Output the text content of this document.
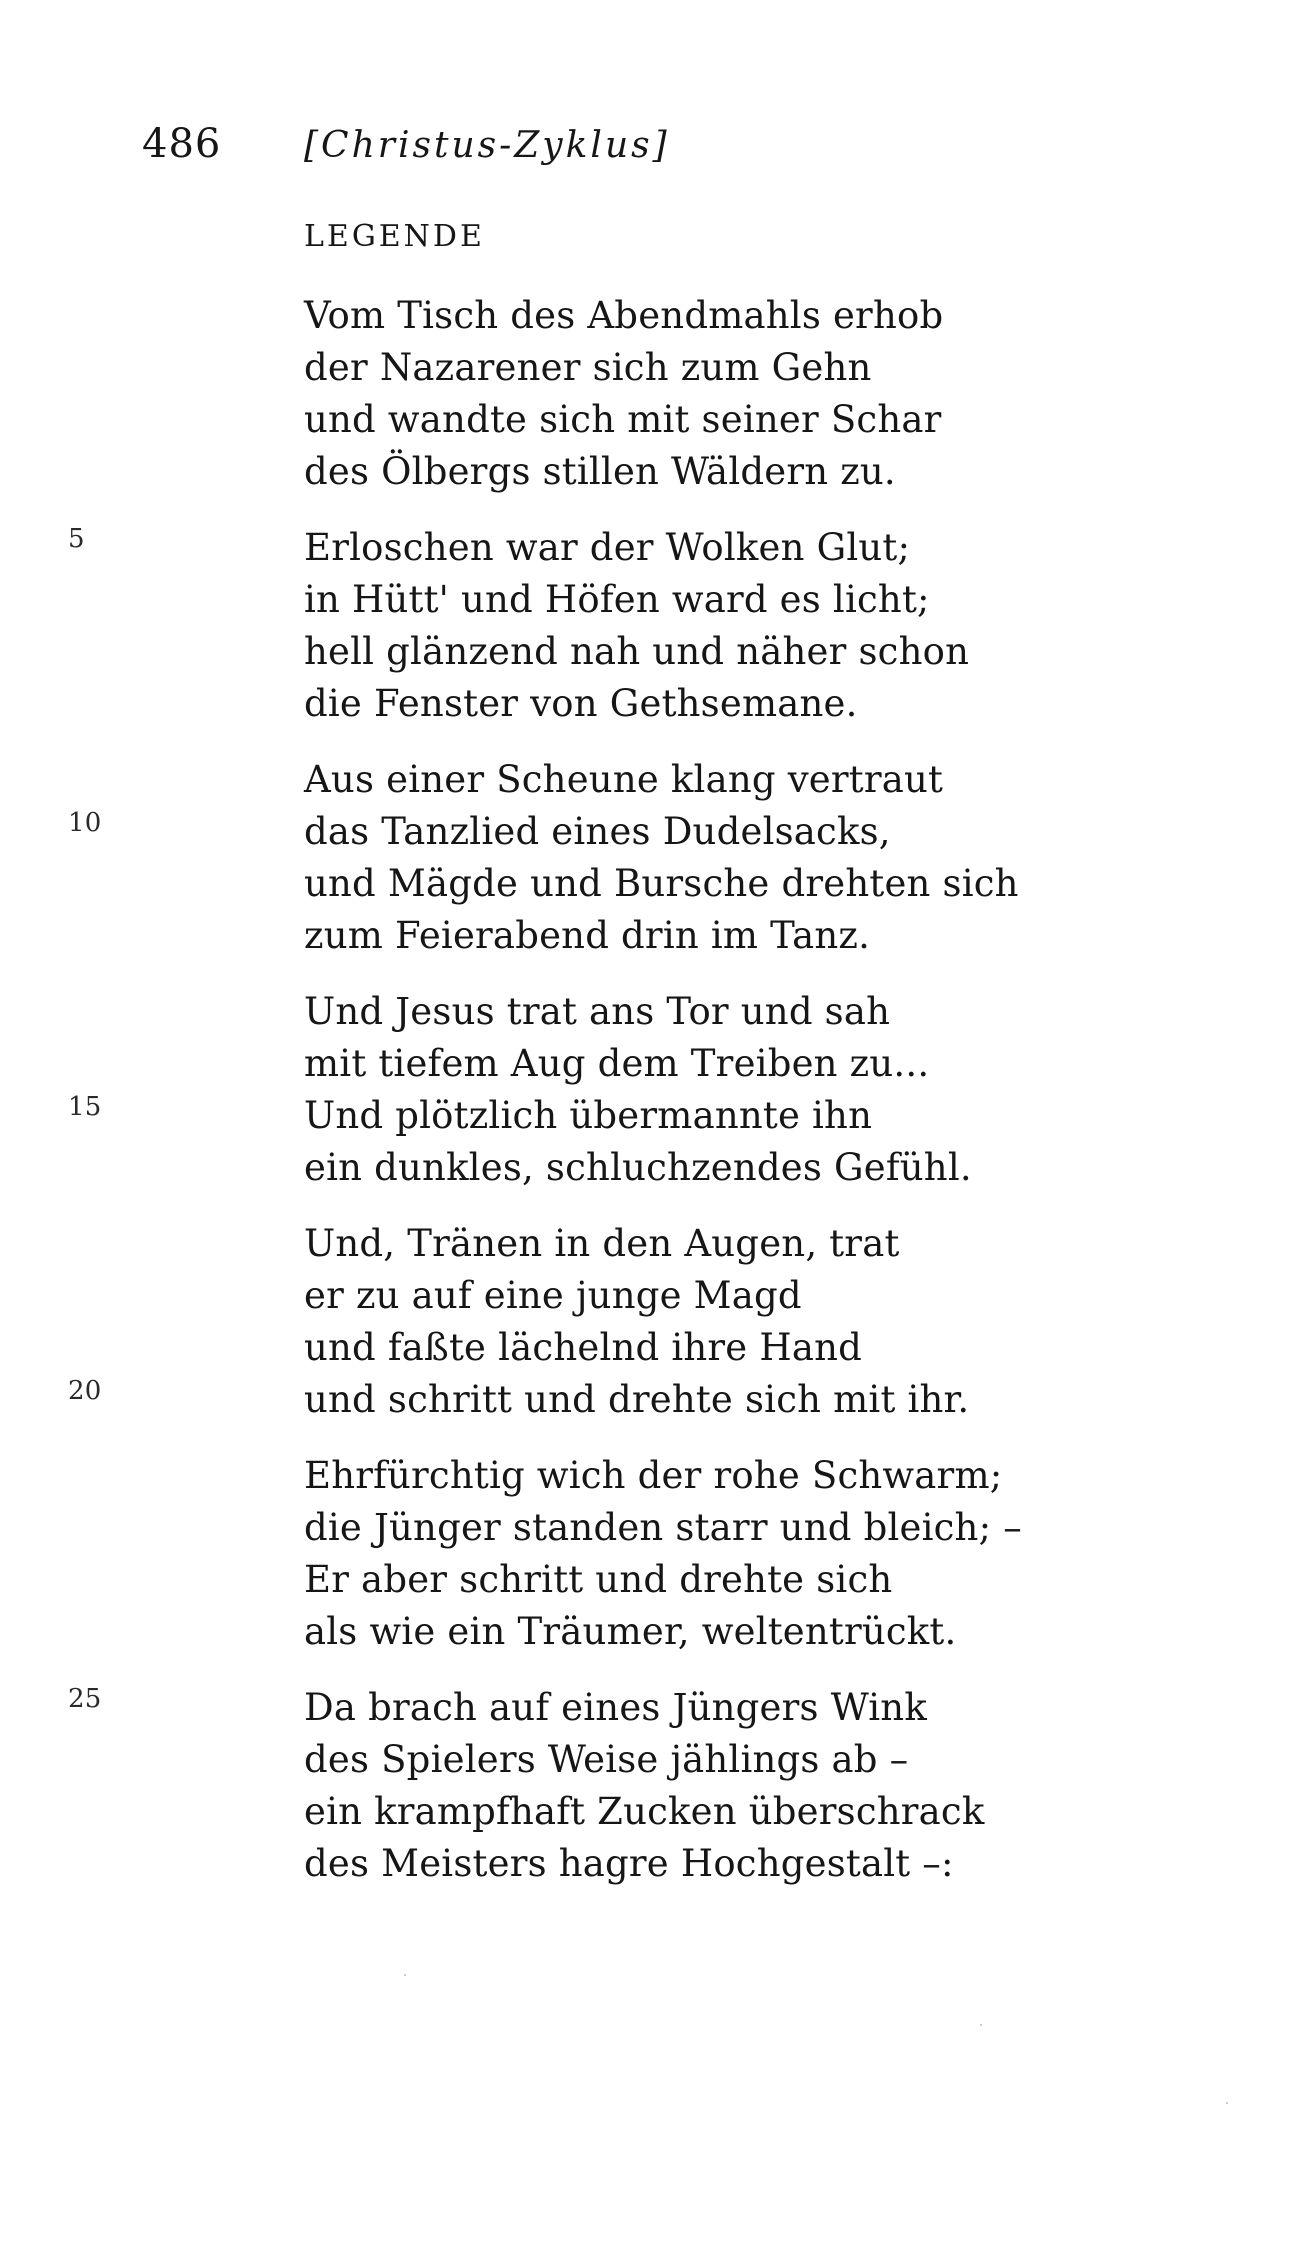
486 [Christus-Zyklus]
LEGENDE
Vom Tisch des Abendmahls erhob
der Nazarener sich zum Gehn
und wandte sich mit seiner Schar
des Ölbergs stillen Wäldern zu.
5	Erloschen war der Wolken Glut;
in Hütt' und Höfen ward es licht;
hell glänzend nah und näher schon
die Fenster von Gethsemane.
Aus einer Scheune klang vertraut
10	das Tanzlied eines Dudelsacks,
und Mägde und Bursche drehten sich
zum Feierabend drin im Tanz.
Und Jesus trat ans Tor und sah
mit tiefem Aug dem Treiben zu...
15	Und plötzlich übermannte ihn
ein dunkles, schluchzendes Gefühl.
Und, Tränen in den Augen, trat
er zu auf eine junge Magd
und faßte lächelnd ihre Hand
20	und schritt und drehte sich mit ihr.
Ehrfürchtig wich der rohe Schwarm;
die Jünger standen starr und bleich; –
Er aber schritt und drehte sich
als wie ein Träumer, weltentrückt.
25	Da brach auf eines Jüngers Wink
des Spielers Weise jählings ab –
ein krampfhaft Zucken überschrack
des Meisters hagre Hochgestalt –:
